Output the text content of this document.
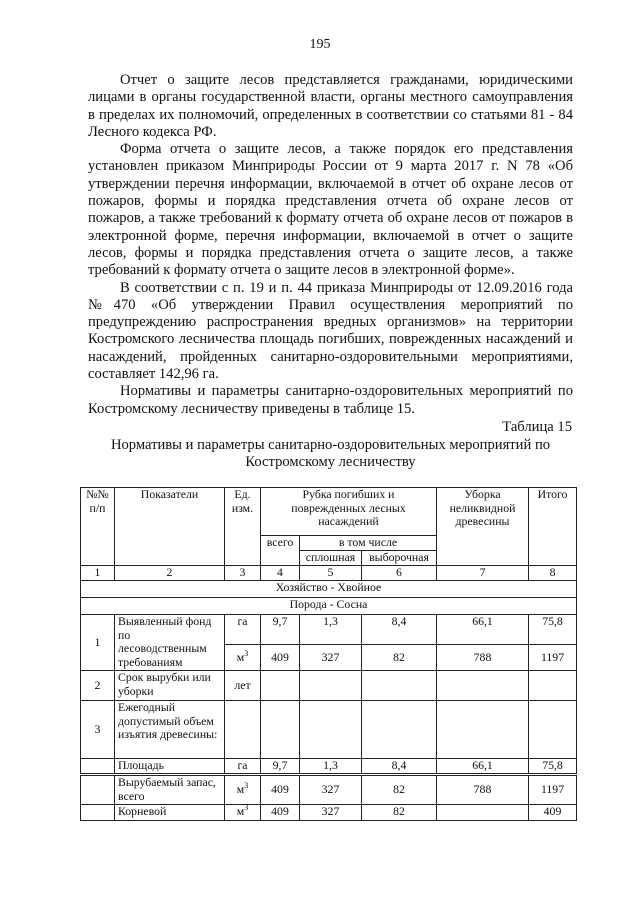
195

Отчет о защите лесов представляется гражданами, юридическими лицами в органы государственной власти, органы местного самоуправления в пределах их полномочий, определенных в соответствии со статьями 81 - 84 Лесного кодекса РФ.

Форма отчета о защите лесов, а также порядок его представления установлен приказом Минприроды России от 9 марта 2017 г. N 78 «Об утверждении перечня информации, включаемой в отчет об охране лесов от пожаров, формы и порядка представления отчета об охране лесов от пожаров, а также требований к формату отчета об охране лесов от пожаров в электронной форме, перечня информации, включаемой в отчет о защите лесов, формы и порядка представления отчета о защите лесов, а также требований к формату отчета о защите лесов в электронной форме».

В соответствии с п. 19 и п. 44 приказа Минприроды от 12.09.2016 года №470 «Об утверждении Правил осуществления мероприятий по предупреждению распространения вредных организмов» на территории Костромского лесничества площадь погибших, поврежденных насаждений и насаждений, пройденных санитарно-оздоровительными мероприятиями, составляет 142,96 га.

Нормативы и параметры санитарно-оздоровительных мероприятий по Костромскому лесничеству приведены в таблице 15.

Таблица 15
Нормативы и параметры санитарно-оздоровительных мероприятий по Костромскому лесничеству
№№ п/п	Показатели	Ед. изм.	Рубка погибших и поврежденных лесных насаждений			Уборка неликвидной древесины	Итого
			всего	в том числе			
				сплошная	выборочная		
1	2	3	4	5	6	7	8
Хозяйство - Хвойное							
Порода - Сосна							
1	Выявленный фонд по лесоводственным требованиям	га	9,7	1,3	8,4	66,1	75,8
		$м^3$	409	327	82	788	1197
2	Срок вырубки или уборки	лет					
3	Ежегодный допустимый объем изъятия древесины:						
	Площадь	га	9,7	1,3	8,4	66,1	75,8
	Вырубаемый запас, всего	$м^3$	409	327	82	788	1197
	Корневой	$м^3$	409	327	82		409
